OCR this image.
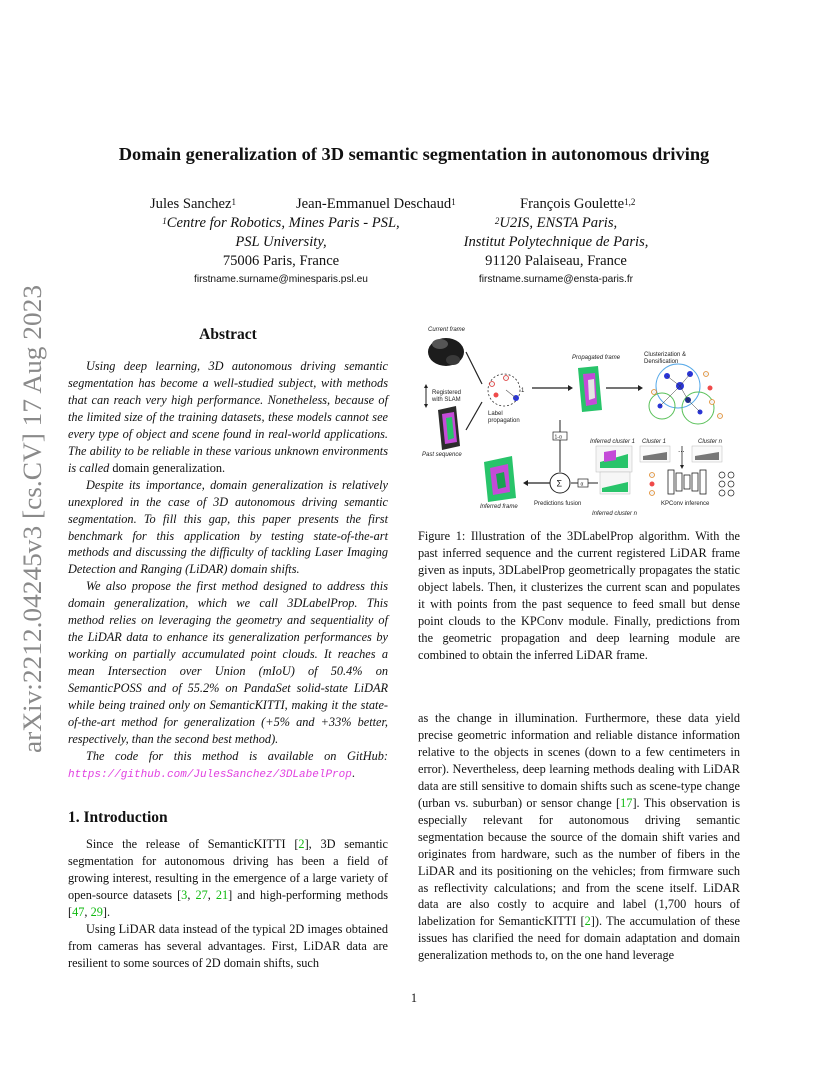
arXiv:2212.04245v3 [cs.CV] 17 Aug 2023
Domain generalization of 3D semantic segmentation in autonomous driving
Jules Sanchez$^1$	Jean-Emmanuel Deschaud$^1$	François Goulette$^{1,2}$
$^1$Centre for Robotics, Mines Paris - PSL,
PSL University,
75006 Paris, France
firstname.surname@minesparis.psl.eu
$^2$U2IS, ENSTA Paris,
Institut Polytechnique de Paris,
91120 Palaiseau, France
firstname.surname@ensta-paris.fr
Abstract

Using deep learning, 3D autonomous driving semantic segmentation has become a well-studied subject, with methods that can reach very high performance. Nonetheless, because of the limited size of the training datasets, these models cannot see every type of object and scene found in real-world applications. The ability to be reliable in these various unknown environments is called domain generalization.

Despite its importance, domain generalization is relatively unexplored in the case of 3D autonomous driving semantic segmentation. To fill this gap, this paper presents the first benchmark for this application by testing state-of-the-art methods and discussing the difficulty of tackling Laser Imaging Detection and Ranging (LiDAR) domain shifts.

We also propose the first method designed to address this domain generalization, which we call 3DLabelProp. This method relies on leveraging the geometry and sequentiality of the LiDAR data to enhance its generalization performances by working on partially accumulated point clouds. It reaches a mean Intersection over Union (mIoU) of 50.4% on SemanticPOSS and of 55.2% on PandaSet solid-state LiDAR while being trained only on SemanticKITTI, making it the state-of-the-art method for generalization (+5% and +33% better, respectively, than the second best method).

The code for this method is available on GitHub: https://github.com/JulesSanchez/3DLabelProp.

1. Introduction

Since the release of SemanticKITTI [2], 3D semantic segmentation for autonomous driving has been a field of growing interest, resulting in the emergence of a large variety of open-source datasets [3, 27, 21] and high-performing methods [47, 29].

Using LiDAR data instead of the typical 2D images obtained from cameras has several advantages. First, LiDAR data are resilient to some sources of 2D domain shifts, such

Current frame
Registered
with SLAM
Past sequence
1
Label
propagation
Propagated frame	Clusterization &
Densification
1-α
Inferred cluster 1 Cluster 1	Cluster n
...
KPConv inference
Σ	α
Predictions fusion
Inferred cluster n
Inferred frame
Figure 1: Illustration of the 3DLabelProp algorithm. With the past inferred sequence and the current registered LiDAR frame given as inputs, 3DLabelProp geometrically propagates the static object labels. Then, it clusterizes the current scan and populates it with points from the past sequence to feed small but dense point clouds to the KPConv module. Finally, predictions from the geometric propagation and deep learning module are combined to obtain the inferred LiDAR frame.
as the change in illumination. Furthermore, these data yield precise geometric information and reliable distance information relative to the objects in scenes (down to a few centimeters in error). Nevertheless, deep learning methods dealing with LiDAR data are still sensitive to domain shifts such as scene-type change (urban vs. suburban) or sensor change [17]. This observation is especially relevant for autonomous driving semantic segmentation because the source of the domain shift varies and originates from hardware, such as the number of fibers in the LiDAR and its positioning on the vehicles; from firmware such as reflectivity calculations; and from the scene itself. LiDAR data are also costly to acquire and label (1,700 hours of labelization for SemanticKITTI [2]). The accumulation of these issues has clarified the need for domain adaptation and domain generalization methods to, on the one hand leverage
1
